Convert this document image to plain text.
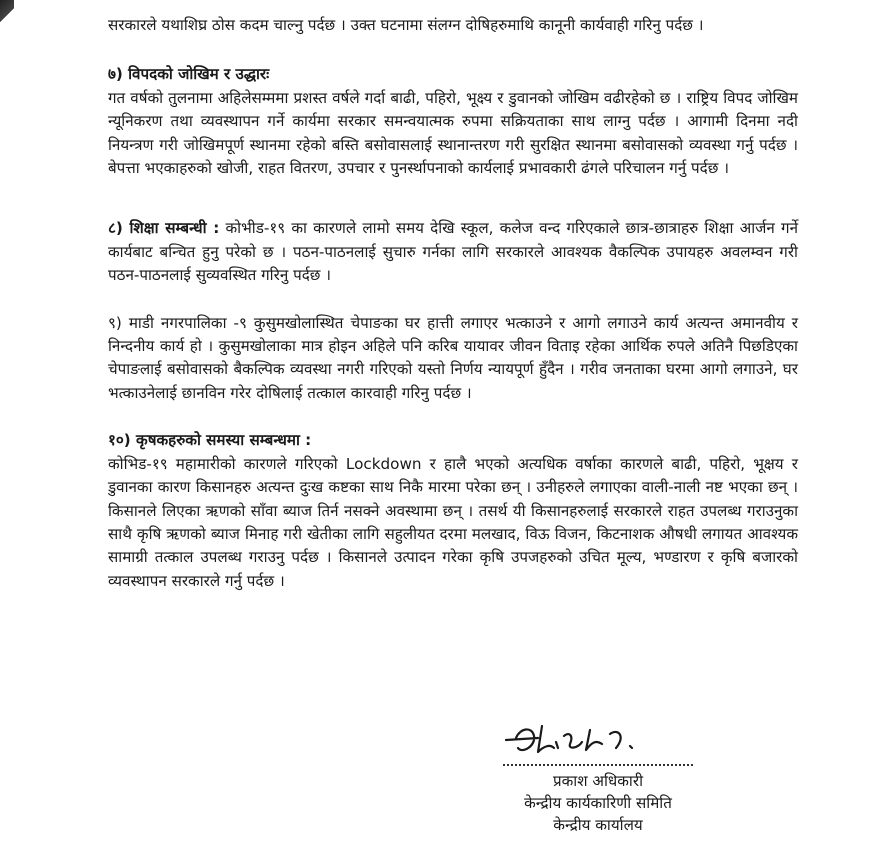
सरकारले यथाशिघ्र ठोस कदम चाल्नु पर्दछ । उक्त घटनामा संलग्न दोषिहरुमाथि कानूनी कार्यवाही गरिनु पर्दछ ।

७) विपदको जोखिम र उद्धारः

गत वर्षको तुलनामा अहिलेसम्ममा प्रशस्त वर्षले गर्दा बाढी, पहिरो, भूक्ष्य र डुवानको जोखिम वढीरहेको छ । राष्ट्रिय विपद जोखिम न्यूनिकरण तथा व्यवस्थापन गर्ने कार्यमा सरकार समन्वयात्मक रुपमा सक्रियताका साथ लाग्नु पर्दछ । आगामी दिनमा नदी नियन्त्रण गरी जोखिमपूर्ण स्थानमा रहेको बस्ति बसोवासलाई स्थानान्तरण गरी सुरक्षित स्थानमा बसोवासको व्यवस्था गर्नु पर्दछ । बेपत्ता भएकाहरुको खोजी, राहत वितरण, उपचार र पुनर्स्थापनाको कार्यलाई प्रभावकारी ढंगले परिचालन गर्नु पर्दछ ।

८) शिक्षा सम्बन्धी : कोभीड-१९ का कारणले लामो समय देखि स्कूल, कलेज वन्द गरिएकाले छात्र-छात्राहरु शिक्षा आर्जन गर्ने कार्यबाट बन्चित हुनु परेको छ । पठन-पाठनलाई सुचारु गर्नका लागि सरकारले आवश्यक वैकल्पिक उपायहरु अवलम्वन गरी पठन-पाठनलाई सुव्यवस्थित गरिनु पर्दछ ।

९) माडी नगरपालिका -९ कुसुमखोलास्थित चेपाङका घर हात्ती लगाएर भत्काउने र आगो लगाउने कार्य अत्यन्त अमानवीय र निन्दनीय कार्य हो । कुसुमखोलाका मात्र होइन अहिले पनि करिब यायावर जीवन विताइ रहेका आर्थिक रुपले अतिनै पिछडिएका चेपाङलाई बसोवासको बैकल्पिक व्यवस्था नगरी गरिएको यस्तो निर्णय न्यायपूर्ण हुँदैन । गरीव जनताका घरमा आगो लगाउने, घर भत्काउनेलाई छानविन गरेर दोषिलाई तत्काल कारवाही गरिनु पर्दछ ।

१०) कृषकहरुको समस्या सम्बन्धमा :

कोभिड-१९ महामारीको कारणले गरिएको Lockdown र हालै भएको अत्यधिक वर्षाका कारणले बाढी, पहिरो, भूक्षय र डुवानका कारण किसानहरु अत्यन्त दुःख कष्टका साथ निकै मारमा परेका छन् । उनीहरुले लगाएका वाली-नाली नष्ट भएका छन् । किसानले लिएका ऋणको साँवा ब्याज तिर्न नसक्ने अवस्थामा छन् । तसर्थ यी किसानहरुलाई सरकारले राहत उपलब्ध गराउनुका साथै कृषि ऋणको ब्याज मिनाह गरी खेतीका लागि सहुलीयत दरमा मलखाद, विऊ विजन, किटनाशक औषधी लगायत आवश्यक सामाग्री तत्काल उपलब्ध गराउनु पर्दछ । किसानले उत्पादन गरेका कृषि उपजहरुको उचित मूल्य, भण्डारण र कृषि बजारको व्यवस्थापन सरकारले गर्नु पर्दछ ।

प्रकाश अधिकारी
केन्द्रीय कार्यकारिणी समिति
केन्द्रीय कार्यालय
